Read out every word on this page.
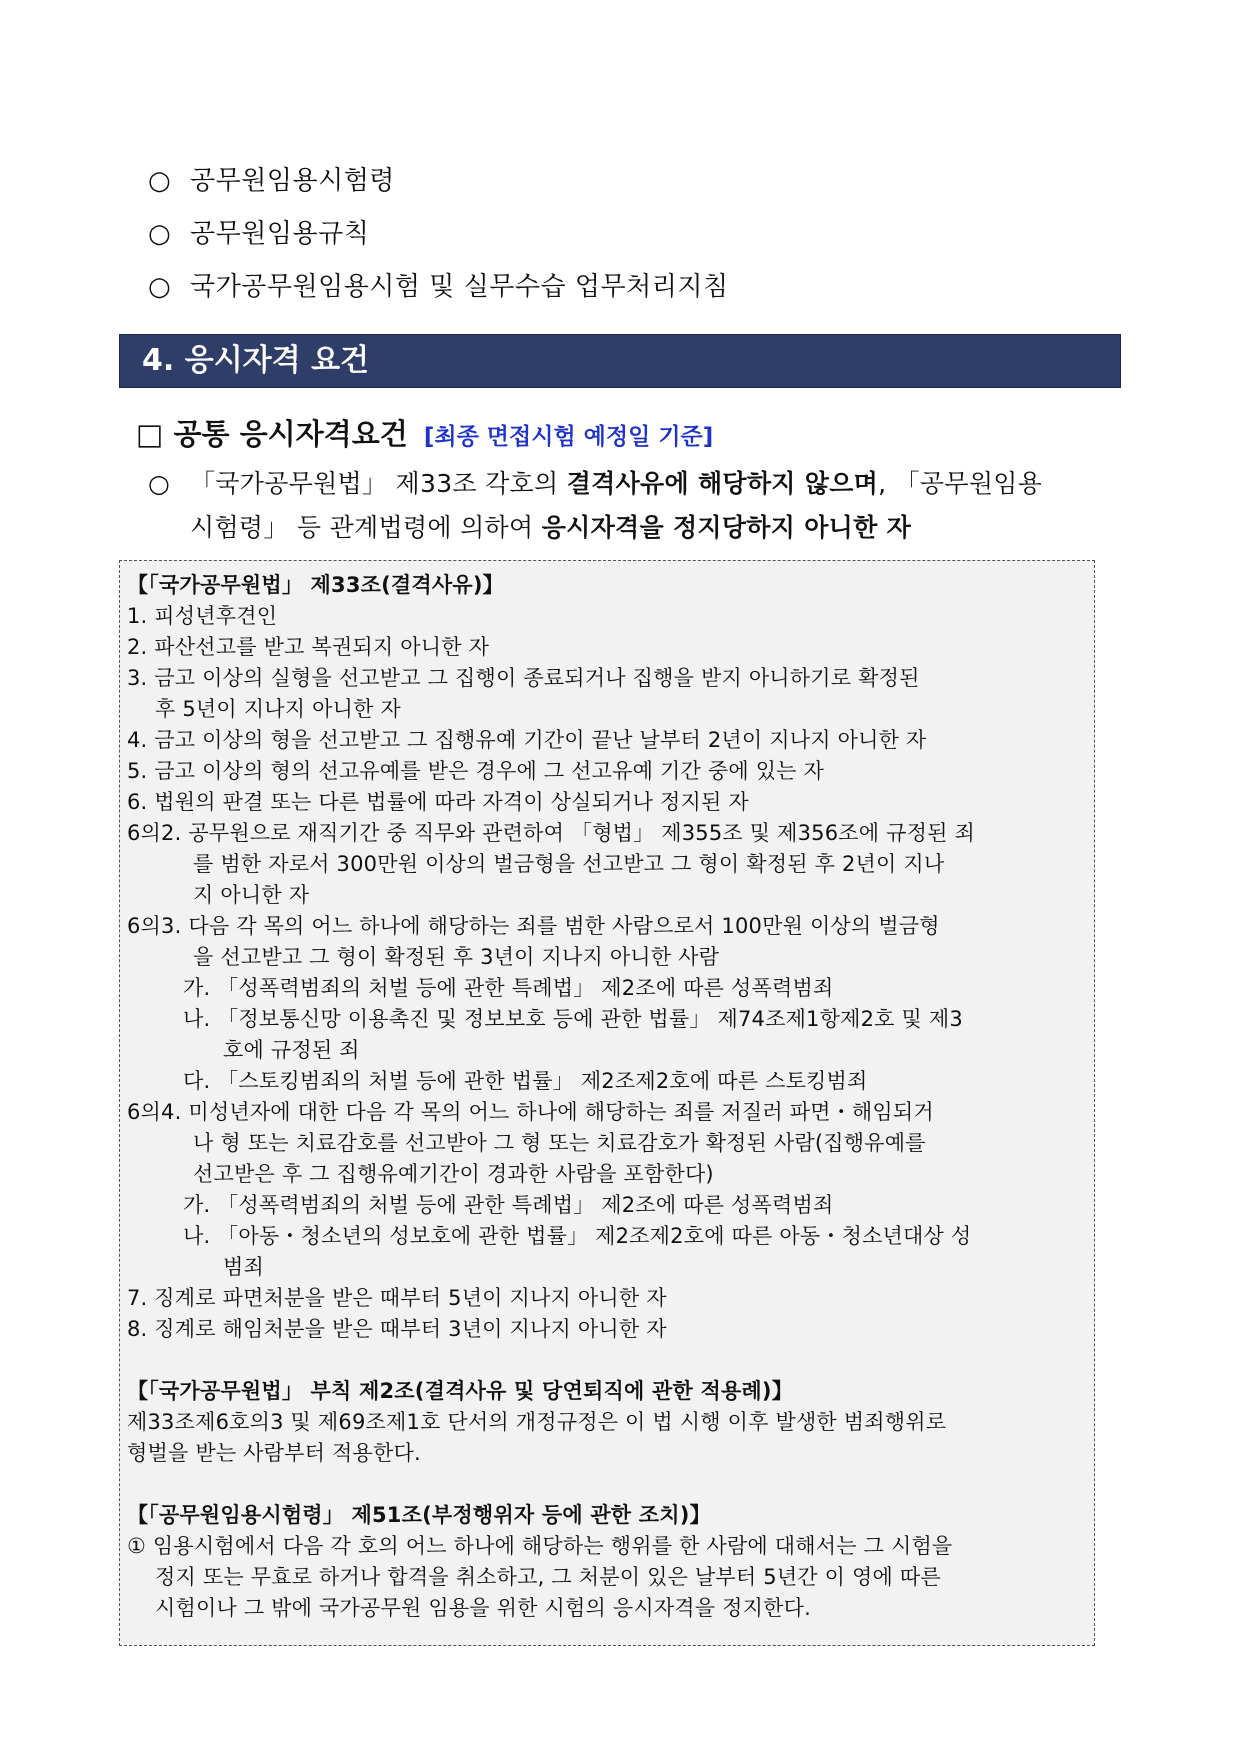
○ 공무원임용시험령
○ 공무원임용규칙
○ 국가공무원임용시험 및 실무수습 업무처리지침
4. 응시자격 요건
□ 공통 응시자격요건 [최종 면접시험 예정일 기준]
○ 「국가공무원법」 제33조 각호의 결격사유에 해당하지 않으며, 「공무원임용
시험령」 등 관계법령에 의하여 응시자격을 정지당하지 아니한 자
【「국가공무원법」 제33조(결격사유)】
1. 피성년후견인
2. 파산선고를 받고 복권되지 아니한 자
3. 금고 이상의 실형을 선고받고 그 집행이 종료되거나 집행을 받지 아니하기로 확정된
후 5년이 지나지 아니한 자
4. 금고 이상의 형을 선고받고 그 집행유예 기간이 끝난 날부터 2년이 지나지 아니한 자
5. 금고 이상의 형의 선고유예를 받은 경우에 그 선고유예 기간 중에 있는 자
6. 법원의 판결 또는 다른 법률에 따라 자격이 상실되거나 정지된 자
6의2. 공무원으로 재직기간 중 직무와 관련하여 「형법」 제355조 및 제356조에 규정된 죄
를 범한 자로서 300만원 이상의 벌금형을 선고받고 그 형이 확정된 후 2년이 지나
지 아니한 자
6의3. 다음 각 목의 어느 하나에 해당하는 죄를 범한 사람으로서 100만원 이상의 벌금형
을 선고받고 그 형이 확정된 후 3년이 지나지 아니한 사람
가. 「성폭력범죄의 처벌 등에 관한 특례법」 제2조에 따른 성폭력범죄
나. 「정보통신망 이용촉진 및 정보보호 등에 관한 법률」 제74조제1항제2호 및 제3
호에 규정된 죄
다. 「스토킹범죄의 처벌 등에 관한 법률」 제2조제2호에 따른 스토킹범죄
6의4. 미성년자에 대한 다음 각 목의 어느 하나에 해당하는 죄를 저질러 파면・해임되거
나 형 또는 치료감호를 선고받아 그 형 또는 치료감호가 확정된 사람(집행유예를
선고받은 후 그 집행유예기간이 경과한 사람을 포함한다)
가. 「성폭력범죄의 처벌 등에 관한 특례법」 제2조에 따른 성폭력범죄
나. 「아동・청소년의 성보호에 관한 법률」 제2조제2호에 따른 아동・청소년대상 성
범죄
7. 징계로 파면처분을 받은 때부터 5년이 지나지 아니한 자
8. 징계로 해임처분을 받은 때부터 3년이 지나지 아니한 자
【「국가공무원법」 부칙 제2조(결격사유 및 당연퇴직에 관한 적용례)】
제33조제6호의3 및 제69조제1호 단서의 개정규정은 이 법 시행 이후 발생한 범죄행위로
형벌을 받는 사람부터 적용한다.
【「공무원임용시험령」 제51조(부정행위자 등에 관한 조치)】
① 임용시험에서 다음 각 호의 어느 하나에 해당하는 행위를 한 사람에 대해서는 그 시험을
정지 또는 무효로 하거나 합격을 취소하고, 그 처분이 있은 날부터 5년간 이 영에 따른
시험이나 그 밖에 국가공무원 임용을 위한 시험의 응시자격을 정지한다.
